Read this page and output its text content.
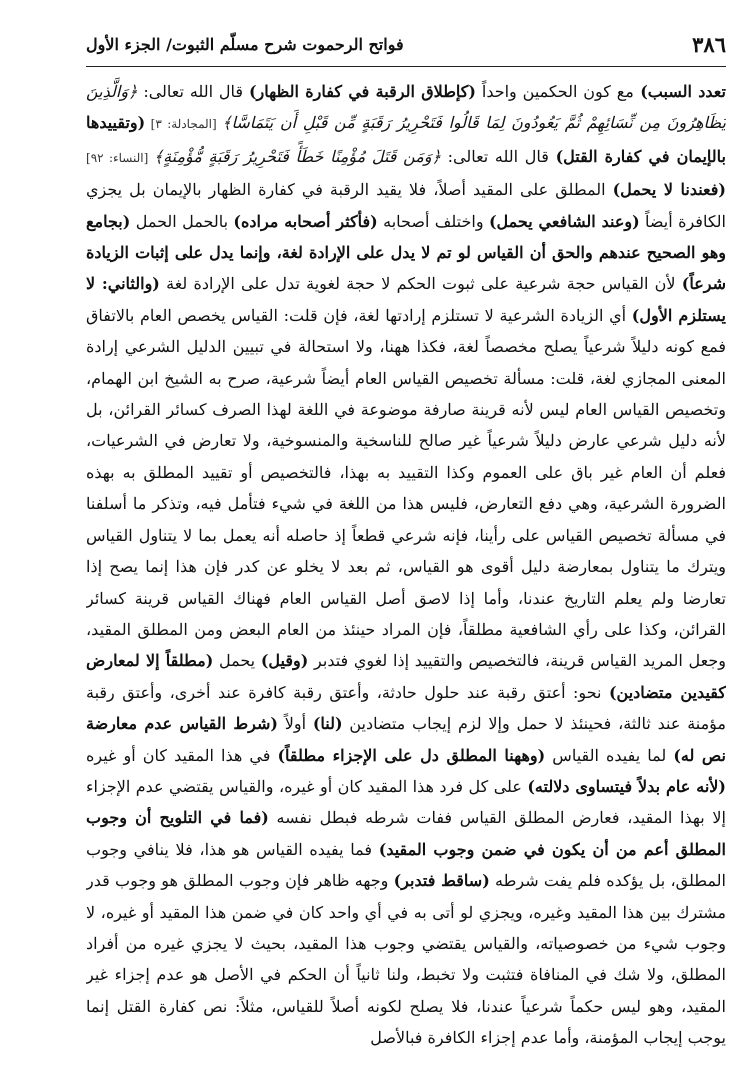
٣٨٦
فواتح الرحموت شرح مسلّم الثبوت/ الجزء الأول
تعدد السبب) مع كون الحكمين واحداً (كإطلاق الرقبة في كفارة الظهار) قال الله تعالى: ﴿وَالَّذِينَ يُظَاهِرُونَ مِن نِّسَائِهِمْ ثُمَّ يَعُودُونَ لِمَا قَالُوا فَتَحْرِيرُ رَقَبَةٍ مِّن قَبْلِ أَن يَتَمَاسَّا﴾ [المجادلة: ٣] (وتقييدها بالإيمان في كفارة القتل) قال الله تعالى: ﴿وَمَن قَتَلَ مُؤْمِنًا خَطَأً فَتَحْرِيرُ رَقَبَةٍ مُّؤْمِنَةٍ﴾ [النساء: ٩٢] (فعندنا لا يحمل) المطلق على المقيد أصلاً، فلا يقيد الرقبة في كفارة الظهار بالإيمان بل يجزي الكافرة أيضاً (وعند الشافعي يحمل) واختلف أصحابه (فأكثر أصحابه مراده) بالحمل الحمل (بجامع وهو الصحيح عندهم والحق أن القياس لو تم لا يدل على الإرادة لغة، وإنما يدل على إثبات الزيادة شرعاً) لأن القياس حجة شرعية على ثبوت الحكم لا حجة لغوية تدل على الإرادة لغة (والثاني: لا يستلزم الأول) أي الزيادة الشرعية لا تستلزم إرادتها لغة، فإن قلت: القياس يخصص العام بالاتفاق فمع كونه دليلاً شرعياً يصلح مخصصاً لغة، فكذا ههنا، ولا استحالة في تبيين الدليل الشرعي إرادة المعنى المجازي لغة، قلت: مسألة تخصيص القياس العام أيضاً شرعية، صرح به الشيخ ابن الهمام، وتخصيص القياس العام ليس لأنه قرينة صارفة موضوعة في اللغة لهذا الصرف كسائر القرائن، بل لأنه دليل شرعي عارض دليلاً شرعياً غير صالح للناسخية والمنسوخية، ولا تعارض في الشرعيات، فعلم أن العام غير باق على العموم وكذا التقييد به بهذا، فالتخصيص أو تقييد المطلق به بهذه الضرورة الشرعية، وهي دفع التعارض، فليس هذا من اللغة في شيء فتأمل فيه، وتذكر ما أسلفنا في مسألة تخصيص القياس على رأينا، فإنه شرعي قطعاً إذ حاصله أنه يعمل بما لا يتناول القياس ويترك ما يتناول بمعارضة دليل أقوى هو القياس، ثم بعد لا يخلو عن كدر فإن هذا إنما يصح إذا تعارضا ولم يعلم التاريخ عندنا، وأما إذا لاصق أصل القياس العام فهناك القياس قرينة كسائر القرائن، وكذا على رأي الشافعية مطلقاً، فإن المراد حينئذ من العام البعض ومن المطلق المقيد، وجعل المريد القياس قرينة، فالتخصيص والتقييد إذا لغوي فتدبر (وقيل) يحمل (مطلقاً إلا لمعارض كقيدين متضادين) نحو: أعتق رقبة عند حلول حادثة، وأعتق رقبة كافرة عند أخرى، وأعتق رقبة مؤمنة عند ثالثة، فحينئذ لا حمل وإلا لزم إيجاب متضادين (لنا) أولاً (شرط القياس عدم معارضة نص له) لما يفيده القياس (وههنا المطلق دل على الإجزاء مطلقاً) في هذا المقيد كان أو غيره (لأنه عام بدلاً فيتساوى دلالته) على كل فرد هذا المقيد كان أو غيره، والقياس يقتضي عدم الإجزاء إلا بهذا المقيد، فعارض المطلق القياس ففات شرطه فبطل نفسه (فما في التلويح أن وجوب المطلق أعم من أن يكون في ضمن وجوب المقيد) فما يفيده القياس هو هذا، فلا ينافي وجوب المطلق، بل يؤكده فلم يفت شرطه (ساقط فتدبر) وجهه ظاهر فإن وجوب المطلق هو وجوب قدر مشترك بين هذا المقيد وغيره، ويجزي لو أتى به في أي واحد كان في ضمن هذا المقيد أو غيره، لا وجوب شيء من خصوصياته، والقياس يقتضي وجوب هذا المقيد، بحيث لا يجزي غيره من أفراد المطلق، ولا شك في المنافاة فتثبت ولا تخبط، ولنا ثانياً أن الحكم في الأصل هو عدم إجزاء غير المقيد، وهو ليس حكماً شرعياً عندنا، فلا يصلح لكونه أصلاً للقياس، مثلاً: نص كفارة القتل إنما يوجب إيجاب المؤمنة، وأما عدم إجزاء الكافرة فبالأصل
